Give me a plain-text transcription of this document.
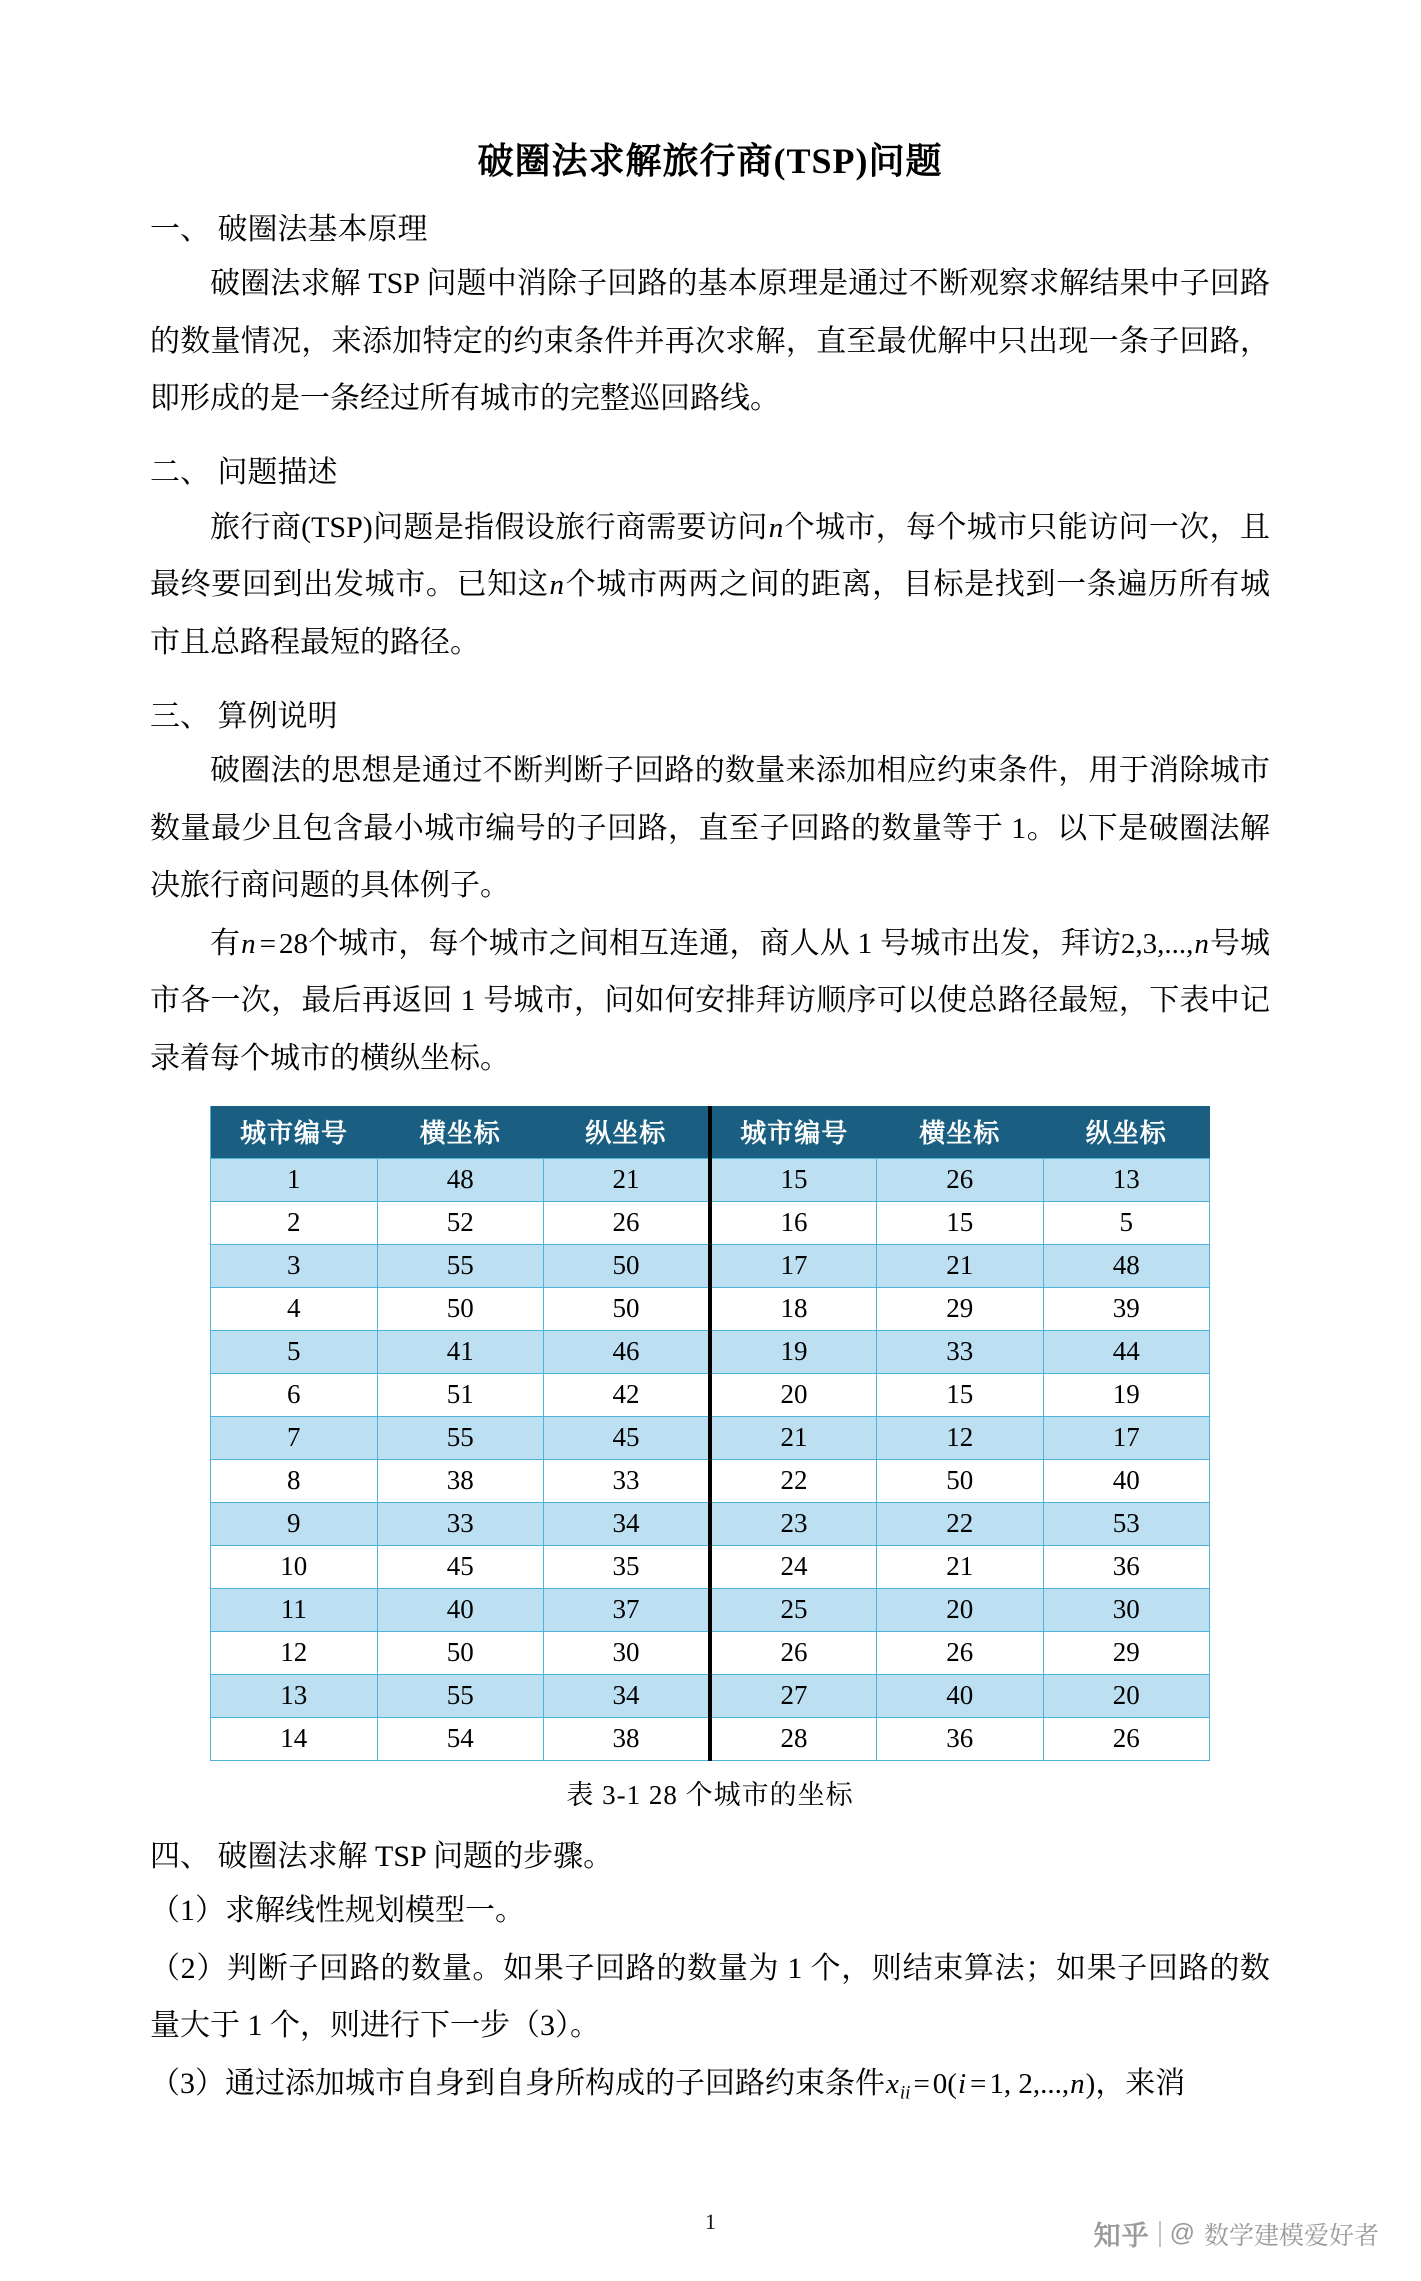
破圈法求解旅行商(TSP)问题
一、 破圈法基本原理

破圈法求解 TSP 问题中消除子回路的基本原理是通过不断观察求解结果中子回路的数量情况，来添加特定的约束条件并再次求解，直至最优解中只出现一条子回路，即形成的是一条经过所有城市的完整巡回路线。

二、 问题描述

旅行商(TSP)问题是指假设旅行商需要访问n个城市，每个城市只能访问一次，且最终要回到出发城市。已知这n个城市两两之间的距离，目标是找到一条遍历所有城市且总路程最短的路径。

三、 算例说明

破圈法的思想是通过不断判断子回路的数量来添加相应约束条件，用于消除城市数量最少且包含最小城市编号的子回路，直至子回路的数量等于 1。以下是破圈法解决旅行商问题的具体例子。

有n = 28个城市，每个城市之间相互连通，商人从 1 号城市出发，拜访2,3,...,n号城市各一次，最后再返回 1 号城市，问如何安排拜访顺序可以使总路径最短，下表中记录着每个城市的横纵坐标。

城市编号	横坐标	纵坐标	城市编号	横坐标	纵坐标
1	48	21	15	26	13
2	52	26	16	15	5
3	55	50	17	21	48
4	50	50	18	29	39
5	41	46	19	33	44
6	51	42	20	15	19
7	55	45	21	12	17
8	38	33	22	50	40
9	33	34	23	22	53
10	45	35	24	21	36
11	40	37	25	20	30
12	50	30	26	26	29
13	55	34	27	40	20
14	54	38	28	36	26
表 3-1 28 个城市的坐标
四、 破圈法求解 TSP 问题的步骤。

（1）求解线性规划模型一。

（2）判断子回路的数量。如果子回路的数量为 1 个，则结束算法；如果子回路的数量大于 1 个，则进行下一步（3）。

（3）通过添加城市自身到自身所构成的子回路约束条件$x_{ii} = 0(i = 1$, 2,...,n)，来消

1	知乎 @ 数学建模爱好者
